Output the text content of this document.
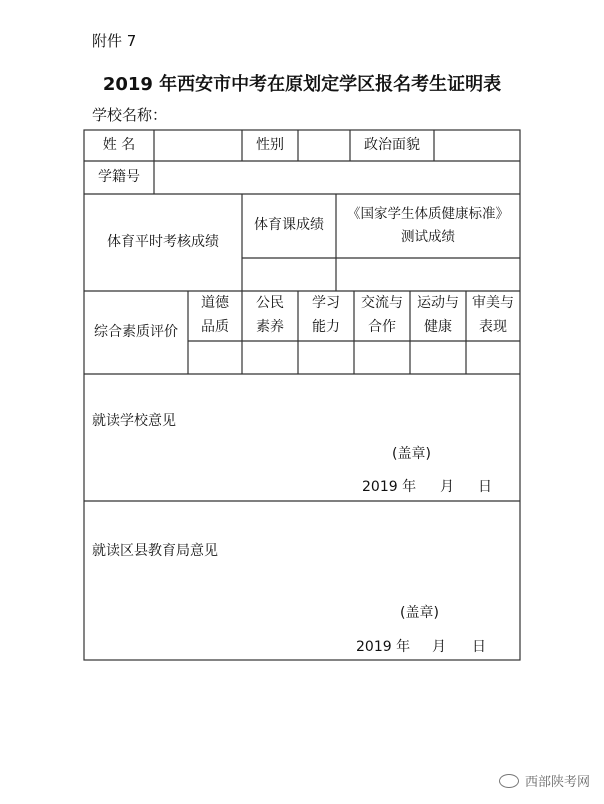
附件 7
2019 年西安市中考在原划定学区报名考生证明表
学校名称：
姓 名	性别	政治面貌
学籍号
体育平时考核成绩
体育课成绩
《国家学生体质健康标准》
测试成绩
综合素质评价
道德
品质
公民
素养
学习
能力
交流与
合作
运动与
健康
审美与
表现
就读学校意见
(盖章)
2019 年 月 日
就读区县教育局意见
(盖章)
2019 年 月 日
西部陕考网
